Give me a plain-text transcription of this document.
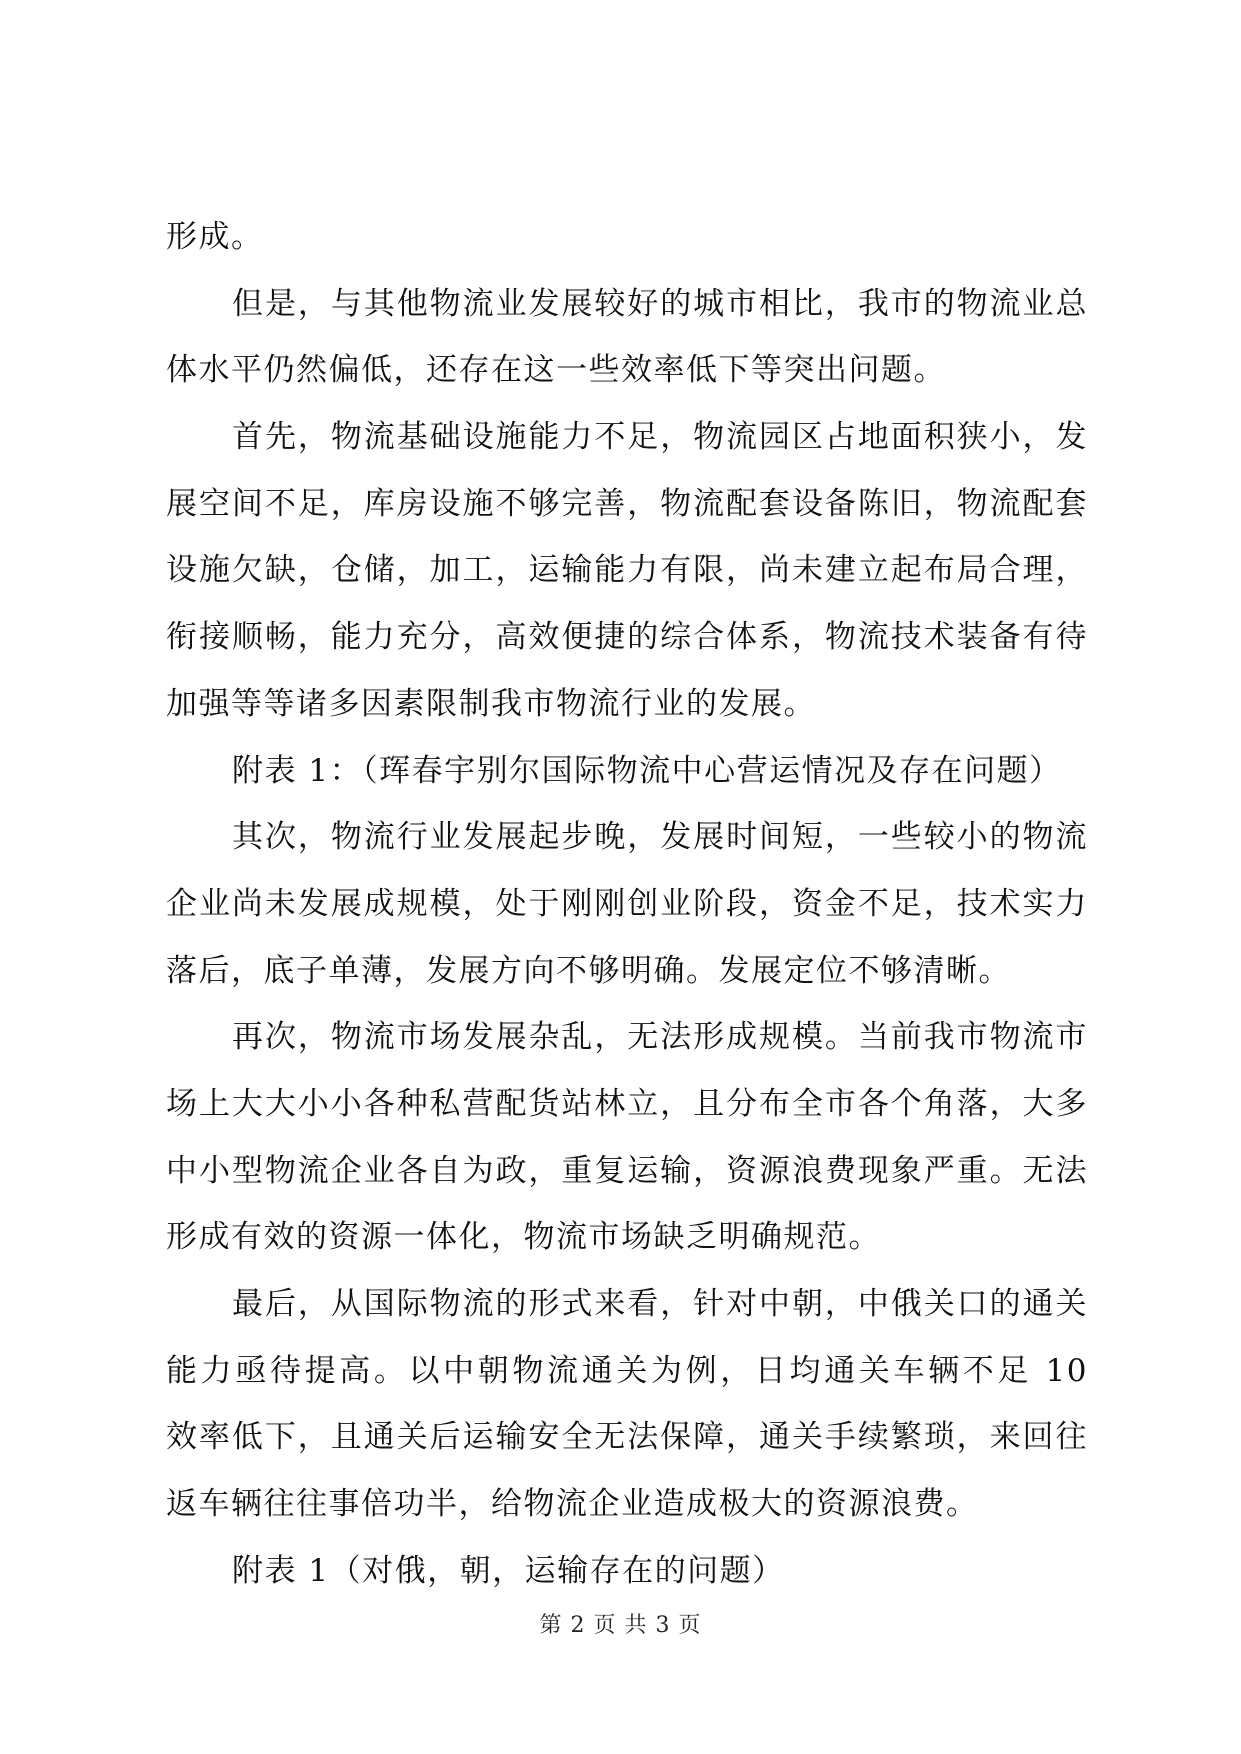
形成。
但是，与其他物流业发展较好的城市相比，我市的物流业总
体水平仍然偏低，还存在这一些效率低下等突出问题。
首先，物流基础设施能力不足，物流园区占地面积狭小，发
展空间不足，库房设施不够完善，物流配套设备陈旧，物流配套
设施欠缺，仓储，加工，运输能力有限，尚未建立起布局合理，
衔接顺畅，能力充分，高效便捷的综合体系，物流技术装备有待
加强等等诸多因素限制我市物流行业的发展。
附表 1：（珲春宇别尔国际物流中心营运情况及存在问题）
其次，物流行业发展起步晚，发展时间短，一些较小的物流
企业尚未发展成规模，处于刚刚创业阶段，资金不足，技术实力
落后，底子单薄，发展方向不够明确。发展定位不够清晰。
再次，物流市场发展杂乱，无法形成规模。当前我市物流市
场上大大小小各种私营配货站林立，且分布全市各个角落，大多
中小型物流企业各自为政，重复运输，资源浪费现象严重。无法
形成有效的资源一体化，物流市场缺乏明确规范。
最后，从国际物流的形式来看，针对中朝，中俄关口的通关
能力亟待提高。以中朝物流通关为例，日均通关车辆不足 10
效率低下，且通关后运输安全无法保障，通关手续繁琐，来回往
返车辆往往事倍功半，给物流企业造成极大的资源浪费。
附表 1（对俄，朝，运输存在的问题）
第 2 页 共 3 页
